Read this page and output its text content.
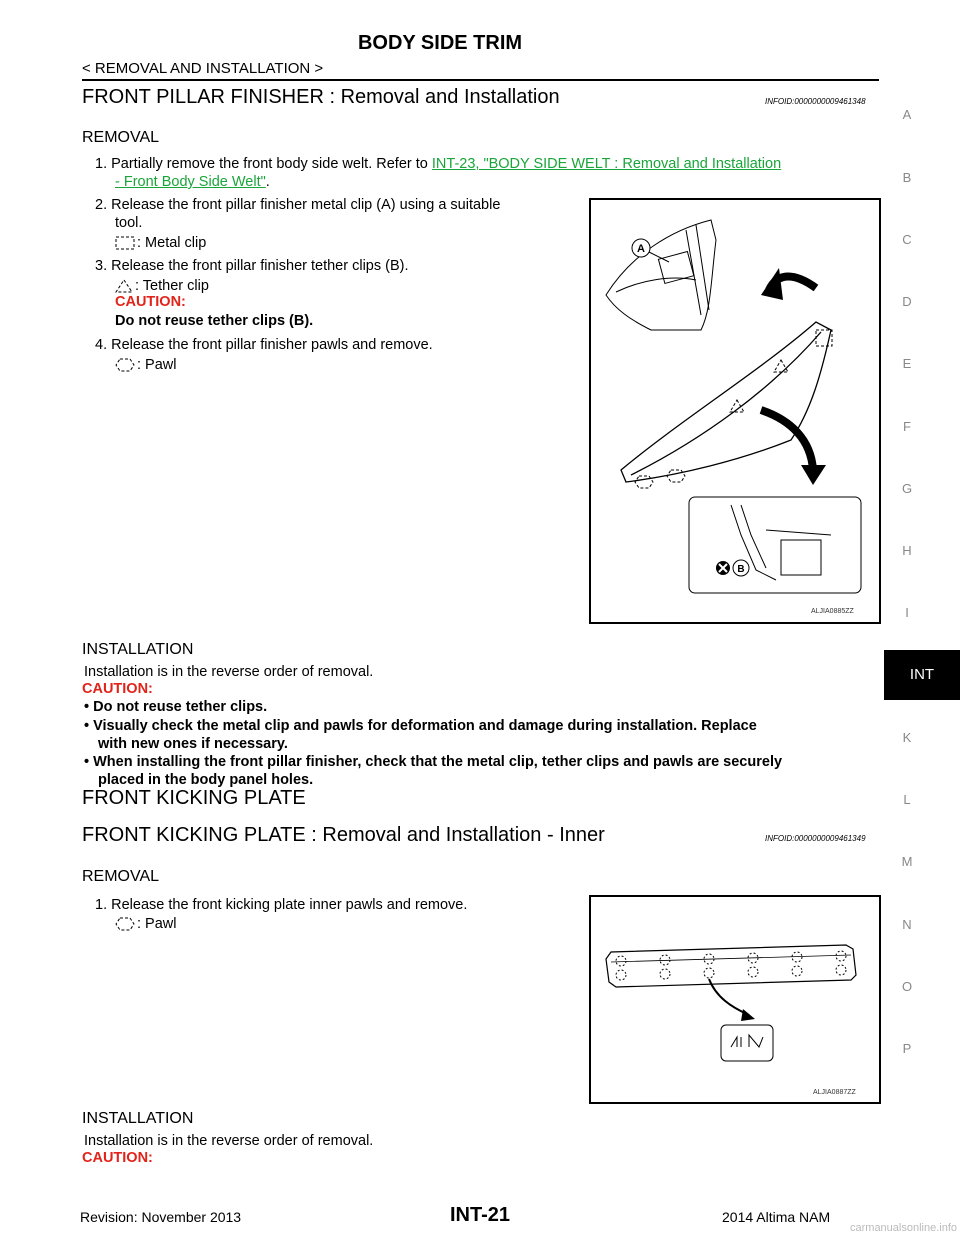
BODY SIDE TRIM
< REMOVAL AND INSTALLATION >
A
B
C
D
E
F
G
H
I
K
L
M
N
O
P
INT
FRONT PILLAR FINISHER : Removal and Installation	INFOID:0000000009461348
REMOVAL
1. Partially remove the front body side welt. Refer to INT-23, "BODY SIDE WELT : Removal and Installation
- Front Body Side Welt".
2. Release the front pillar finisher metal clip (A) using a suitable
tool.
: Metal clip
3. Release the front pillar finisher tether clips (B).
: Tether clip
CAUTION:
Do not reuse tether clips (B).
4. Release the front pillar finisher pawls and remove.
: Pawl
A
B
ALJIA0885ZZ
INSTALLATION
Installation is in the reverse order of removal.
CAUTION:
• Do not reuse tether clips.
• Visually check the metal clip and pawls for deformation and damage during installation. Replace
with new ones if necessary.
• When installing the front pillar finisher, check that the metal clip, tether clips and pawls are securely
placed in the body panel holes.
FRONT KICKING PLATE
FRONT KICKING PLATE : Removal and Installation - Inner	INFOID:0000000009461349
REMOVAL
1. Release the front kicking plate inner pawls and remove.
: Pawl
ALJIA0887ZZ
INSTALLATION
Installation is in the reverse order of removal.
CAUTION:
Revision: November 2013	INT-21	2014 Altima NAM
carmanualsonline.info
